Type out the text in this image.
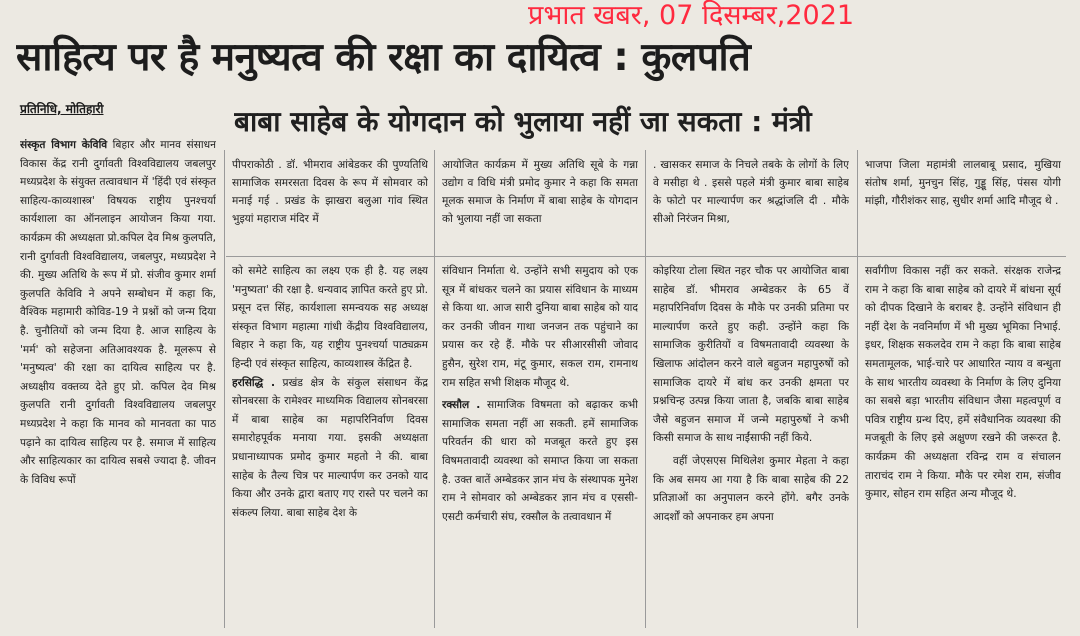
साहित्य पर है मनुष्यत्व की रक्षा का दायित्व : कुलपति
प्रभात खबर, 07 दिसम्बर,2021
प्रतिनिधि, मोतिहारी	बाबा साहेब के योगदान को भुलाया नहीं जा सकता : मंत्री

संस्कृत विभाग केविवि बिहार और मानव संसाधन विकास केंद्र रानी दुर्गावती विश्वविद्यालय जबलपुर मध्यप्रदेश के संयुक्त तत्वावधान में 'हिंदी एवं संस्कृत साहित्य-काव्यशास्त्र' विषयक राष्ट्रीय पुनश्चर्या कार्यशाला का ऑनलाइन आयोजन किया गया. कार्यक्रम की अध्यक्षता प्रो.कपिल देव मिश्र कुलपति, रानी दुर्गावती विश्वविद्यालय, जबलपुर, मध्यप्रदेश ने की. मुख्य अतिथि के रूप में प्रो. संजीव कुमार शर्मा कुलपति केविवि ने अपने सम्बोधन में कहा कि, वैश्विक महामारी कोविड-19 ने प्रश्नों को जन्म दिया है. चुनौतियों को जन्म दिया है. आज साहित्य के 'मर्म' को सहेजना अतिआवश्यक है. मूलरूप से 'मनुष्यत्व' की रक्षा का दायित्व साहित्य पर है. अध्यक्षीय वक्तव्य देते हुए प्रो. कपिल देव मिश्र कुलपति रानी दुर्गावती विश्वविद्यालय जबलपुर मध्यप्रदेश ने कहा कि मानव को मानवता का पाठ पढ़ाने का दायित्व साहित्य पर है. समाज में साहित्य और साहित्यकार का दायित्व सबसे ज्यादा है. जीवन के विविध रूपों

पीपराकोठी . डॉ. भीमराव आंबेडकर की पुण्यतिथि सामाजिक समरसता दिवस के रूप में सोमवार को मनाई गई . प्रखंड के झाखरा बलुआ गांव स्थित भुइयां महाराज मंदिर में

आयोजित कार्यक्रम में मुख्य अतिथि सूबे के गन्ना उद्योग व विधि मंत्री प्रमोद कुमार ने कहा कि समता मूलक समाज के निर्माण में बाबा साहेब के योगदान को भुलाया नहीं जा सकता

. खासकर समाज के निचले तबके के लोगों के लिए वे मसीहा थे . इससे पहले मंत्री कुमार बाबा साहेब के फोटो पर माल्यार्पण कर श्रद्धांजलि दी . मौके सीओ निरंजन मिश्रा,

भाजपा जिला महामंत्री लालबाबू प्रसाद, मुखिया संतोष शर्मा, मुनचुन सिंह, गुड्डू सिंह, पंसस योगी मांझी, गौरीशंकर साह, सुधीर शर्मा आदि मौजूद थे .

को समेटे साहित्य का लक्ष्य एक ही है. यह लक्ष्य 'मनुष्यता' की रक्षा है. धन्यवाद ज्ञापित करते हुए प्रो. प्रसून दत्त सिंह, कार्यशाला समन्वयक सह अध्यक्ष संस्कृत विभाग महात्मा गांधी केंद्रीय विश्वविद्यालय, बिहार ने कहा कि, यह राष्ट्रीय पुनश्चर्या पाठ्यक्रम हिन्दी एवं संस्कृत साहित्य, काव्यशास्त्र केंद्रित है.

हरसिद्धि . प्रखंड क्षेत्र के संकुल संसाधन केंद्र सोनबरसा के रामेश्वर माध्यमिक विद्यालय सोनबरसा में बाबा साहेब का महापरिनिर्वाण दिवस समारोहपूर्वक मनाया गया. इसकी अध्यक्षता प्रधानाध्यापक प्रमोद कुमार महतो ने की. बाबा साहेब के तैल्य चित्र पर माल्यार्पण कर उनको याद किया और उनके द्वारा बताए गए रास्ते पर चलने का संकल्प लिया. बाबा साहेब देश के

संविधान निर्माता थे. उन्होंने सभी समुदाय को एक सूत्र में बांधकर चलने का प्रयास संविधान के माध्यम से किया था. आज सारी दुनिया बाबा साहेब को याद कर उनकी जीवन गाथा जनजन तक पहुंचाने का प्रयास कर रहे हैं. मौके पर सीआरसीसी जोवाद हुसैन, सुरेश राम, मंटू कुमार, सकल राम, रामनाथ राम सहित सभी शिक्षक मौजूद थे.

रक्सौल . सामाजिक विषमता को बढ़ाकर कभी सामाजिक समता नहीं आ सकती. हमें सामाजिक परिवर्तन की धारा को मजबूत करते हुए इस विषमतावादी व्यवस्था को समाप्त किया जा सकता है. उक्त बातें अम्बेडकर ज्ञान मंच के संस्थापक मुनेश राम ने सोमवार को अम्बेडकर ज्ञान मंच व एससी-एसटी कर्मचारी संघ, रक्सौल के तत्वावधान में

कोइरिया टोला स्थित नहर चौक पर आयोजित बाबा साहेब डॉ. भीमराव अम्बेडकर के 65 वें महापरिनिर्वाण दिवस के मौके पर उनकी प्रतिमा पर माल्यार्पण करते हुए कही. उन्होंने कहा कि सामाजिक कुरीतियों व विषमतावादी व्यवस्था के खिलाफ आंदोलन करने वाले बहुजन महापुरुषों को सामाजिक दायरे में बांध कर उनकी क्षमता पर प्रश्नचिन्ह उत्पन्न किया जाता है, जबकि बाबा साहेब जैसे बहुजन समाज में जन्मे महापुरुषों ने कभी किसी समाज के साथ नाईंसाफी नहीं किये.

वहीं जेएसएस मिथिलेश कुमार मेहता ने कहा कि अब समय आ गया है कि बाबा साहेब की 22 प्रतिज्ञाओं का अनुपालन करने होंगे. बगैर उनके आदर्शों को अपनाकर हम अपना

सर्वांगीण विकास नहीं कर सकते. संरक्षक राजेन्द्र राम ने कहा कि बाबा साहेब को दायरे में बांधना सूर्य को दीपक दिखाने के बराबर है. उन्होंने संविधान ही नहीं देश के नवनिर्माण में भी मुख्य भूमिका निभाई. इधर, शिक्षक सकलदेव राम ने कहा कि बाबा साहेब समतामूलक, भाई-चारे पर आधारित न्याय व बन्धुता के साथ भारतीय व्यवस्था के निर्माण के लिए दुनिया का सबसे बड़ा भारतीय संविधान जैसा महत्वपूर्ण व पवित्र राष्ट्रीय ग्रन्थ दिए, हमें संवैधानिक व्यवस्था की मजबूती के लिए इसे अक्षुण्ण रखने की जरूरत है. कार्यक्रम की अध्यक्षता रविन्द्र राम व संचालन ताराचंद राम ने किया. मौके पर रमेश राम, संजीव कुमार, सोहन राम सहित अन्य मौजूद थे.
